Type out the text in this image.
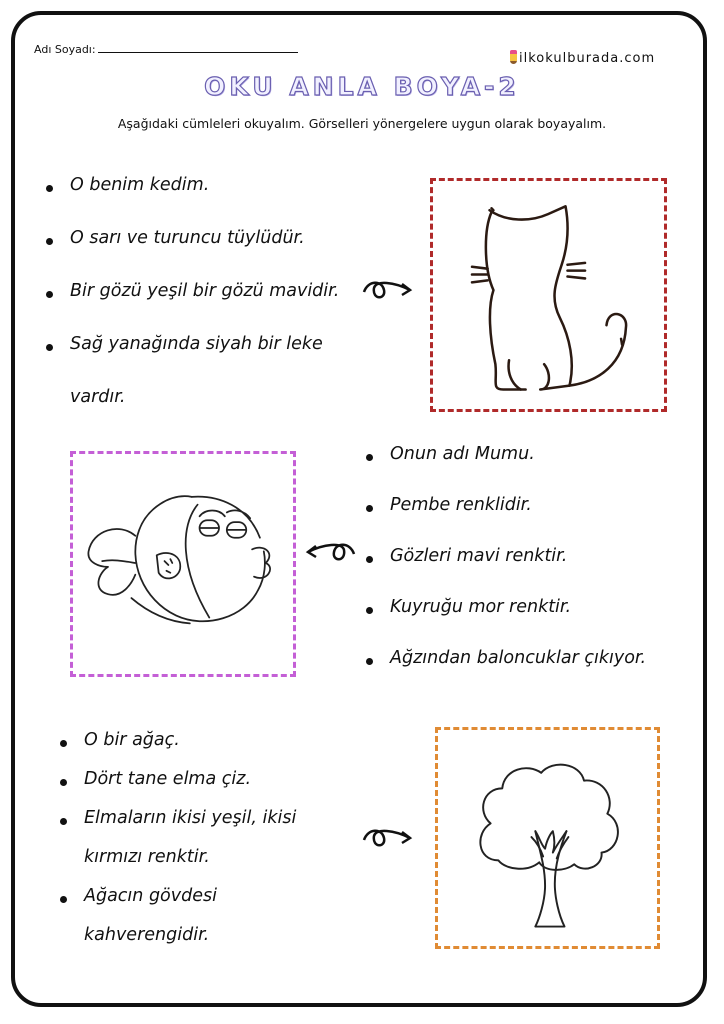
Adı Soyadı:
ilkokulburada.com
OKU ANLA BOYA-2
Aşağıdaki cümleleri okuyalım. Görselleri yönergelere uygun olarak boyayalım.
O benim kedim.
O sarı ve turuncu tüylüdür.
Bir gözü yeşil bir gözü mavidir.
Sağ yanağında siyah bir leke
vardır.
Onun adı Mumu.
Pembe renklidir.
Gözleri mavi renktir.
Kuyruğu mor renktir.
Ağzından baloncuklar çıkıyor.
O bir ağaç.
Dört tane elma çiz.
Elmaların ikisi yeşil, ikisi
kırmızı renktir.
Ağacın gövdesi
kahverengidir.
